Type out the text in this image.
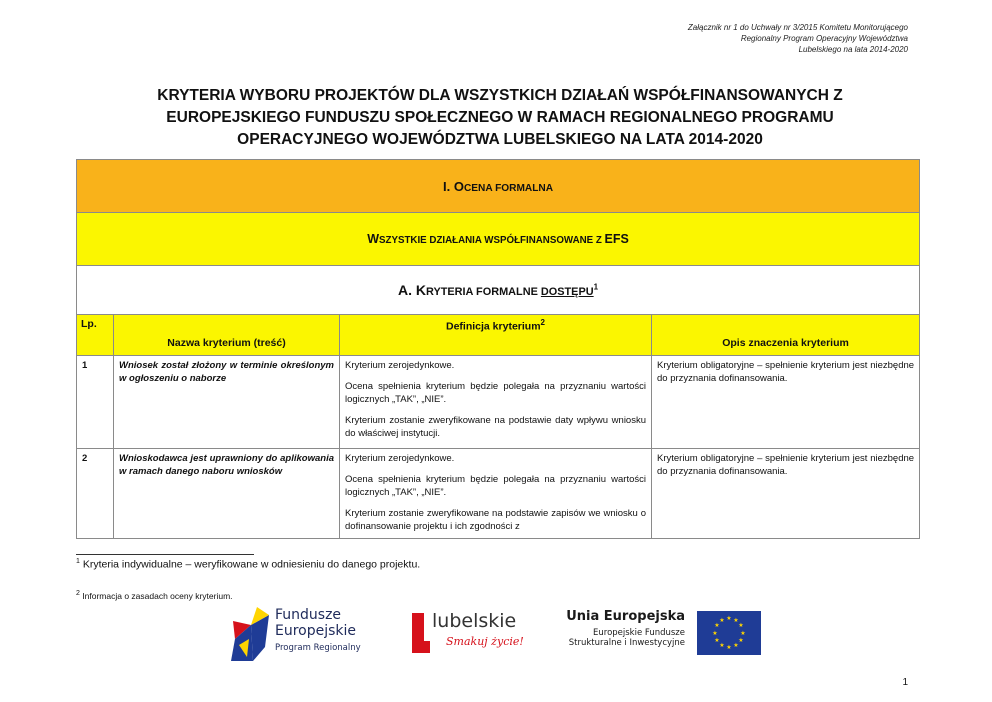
Załącznik nr 1 do Uchwały nr 3/2015 Komitetu Monitorującego
Regionalny Program Operacyjny Województwa
Lubelskiego na lata 2014-2020
KRYTERIA WYBORU PROJEKTÓW DLA WSZYSTKICH DZIAŁAŃ WSPÓŁFINANSOWANYCH Z
EUROPEJSKIEGO FUNDUSZU SPOŁECZNEGO W RAMACH REGIONALNEGO PROGRAMU
OPERACYJNEGO WOJEWÓDZTWA LUBELSKIEGO NA LATA 2014-2020
I. OCENA FORMALNA			
WSZYSTKIE DZIAŁANIA WSPÓŁFINANSOWANE Z EFS			
A. KRYTERIA FORMALNE DOSTĘPU$^1$
Lp.	Nazwa kryterium (treść)	Definicja kryterium$^2$	Opis znaczenia kryterium
1	Wniosek został złożony w terminie określonym w ogłoszeniu o naborze	Kryterium zerojedynkowe.

Ocena spełnienia kryterium będzie polegała na przyznaniu wartości logicznych „TAK”, „NIE”.

Kryterium zostanie zweryfikowane na podstawie daty wpływu wniosku do właściwej instytucji.	Kryterium obligatoryjne – spełnienie kryterium jest niezbędne do przyznania dofinansowania.
2	Wnioskodawca jest uprawniony do aplikowania w ramach danego naboru wniosków	Kryterium zerojedynkowe.

Ocena spełnienia kryterium będzie polegała na przyznaniu wartości logicznych „TAK”, „NIE”.

Kryterium zostanie zweryfikowane na podstawie zapisów we wniosku o dofinansowanie projektu i ich zgodności z	Kryterium obligatoryjne – spełnienie kryterium jest niezbędne do przyznania dofinansowania.
$^1$ Kryteria indywidualne – weryfikowane w odniesieniu do danego projektu.
$^2$ Informacja o zasadach oceny kryterium.
Fundusze
Europejskie
Program Regionalny
lubelskie
Smakuj życie!
Unia Europejska
Europejskie Fundusze
Strukturalne i Inwestycyjne
★ ★
★
★
★
★
★
★
★
★
★
★
1
